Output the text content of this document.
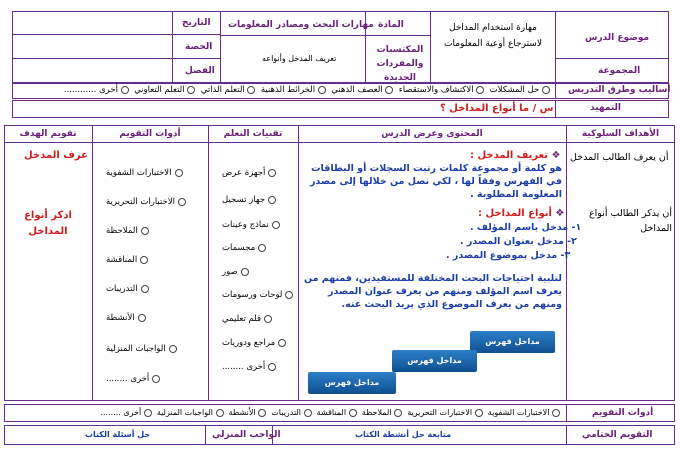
موضوع الدرس
مهارة استخدام المداخل لاسترجاع أوعية المعلومات
المجموعة
المادة
مهارات البحث ومصادر المعلومات
المكتسبات والمفردات الجديدة
تعريف المدخل وأنواعه
التاريخ
الحصة
الفصل
أساليب وطرق التدريس
حل المشكلات   الاكتشاف والاستقصاء   العصف الذهني   الخرائط الذهنية   التعلم الذاتي   التعلم التعاوني   أخرى ............
التمهيد
س / ما أنواع المداخل ؟
الأهداف السلوكية
المحتوى وعرض الدرس
تقنيات التعلم
أدوات التقويم
تقويم الهدف
أن يعرف الطالب المدخل
أن يذكر الطالب أنواع المداخل
❖ تعريف المدخل :
هو كلمة أو مجموعة كلمات رتبت السجلات أو البطاقات في الفهرس وفقاً لها ، لكي نصل من خلالها إلى مصدر المعلومة المطلوبة .
❖ أنواع المداخل :
١- مدخل باسم المؤلف .
٢- مدخل بعنوان المصدر .
٣- مدخل بموضوع المصدر .
لتلبية احتياجات البحث المختلفة للمستفيدين، فمنهم من يعرف اسم المؤلف ومنهم من يعرف عنوان المصدر ومنهم من يعرف الموضوع الذي يريد البحث عنه.
مداخل فهرس المؤلف
مداخل فهرس العنوان
مداخل فهرس الموضوع
أجهزة عرض
جهاز تسجيل
نماذج وعينات
مجسمات
صور
لوحات ورسومات
قلم تعليمي
مراجع ودوريات
أخرى ........
الاختبارات الشفوية
الاختبارات التحريرية
الملاحظة
المناقشة
التدريبات
الأنشطة
الواجبات المنزلية
أخرى ........
عرف المدخل
اذكر أنواع المداخل
أدوات التقويم
الاختبارات الشفوية   الاختبارات التحريرية   الملاحظة   المناقشة   التدريبات   الأنشطة   الواجبات المنزلية   أخرى ........
التقويم الختامي
متابعة حل أنشطة الكتاب
الواجب المنزلي
حل أسئلة الكتاب
